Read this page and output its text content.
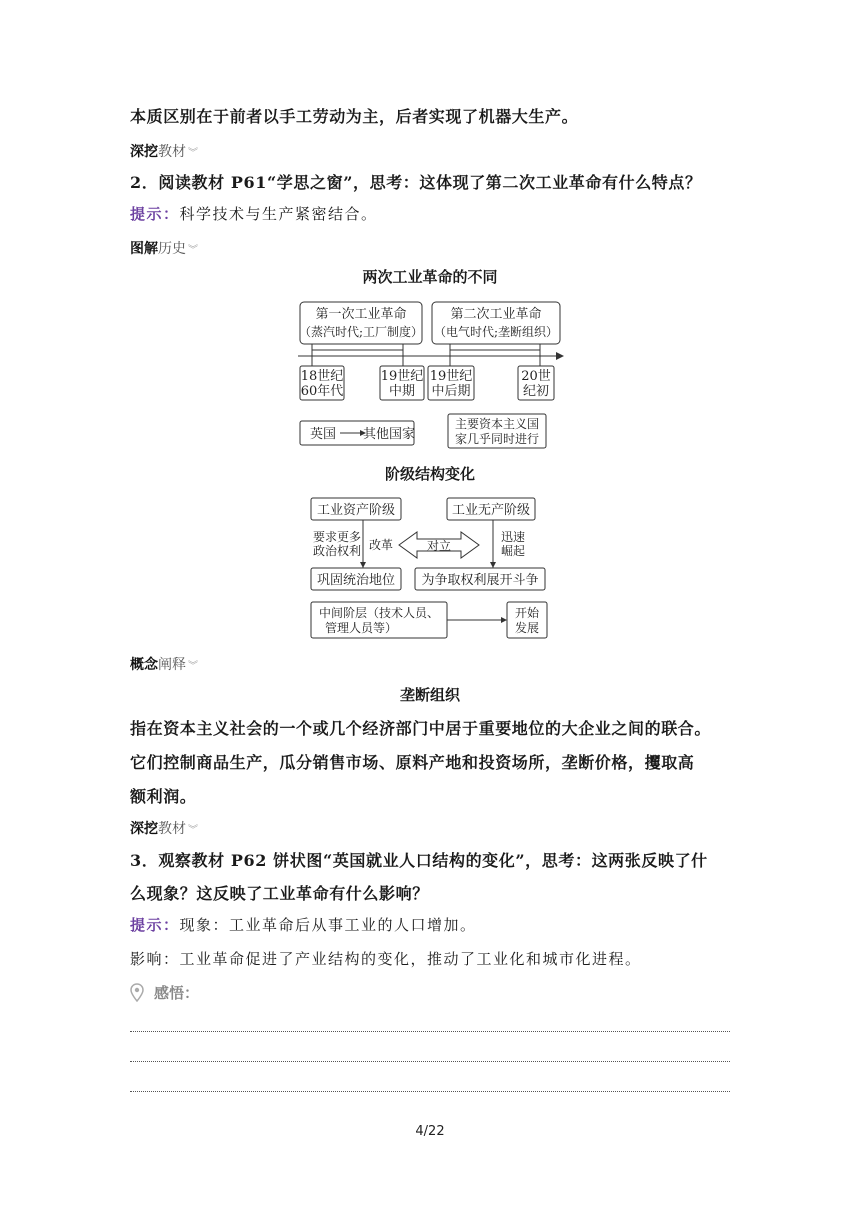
本质区别在于前者以手工劳动为主，后者实现了机器大生产。
深挖教材 ︾
2．阅读教材 P61“学思之窗”，思考：这体现了第二次工业革命有什么特点？
提示：科学技术与生产紧密结合。
图解历史 ︾
两次工业革命的不同
第一次工业革命
（蒸汽时代;工厂制度）
第二次工业革命
（电气时代;垄断组织）
18世纪
60年代
19世纪
中期
19世纪
中后期
20世
纪初
英国 其他国家
主要资本主义国
家几乎同时进行
阶级结构变化
工业资产阶级	工业无产阶级
要求更多
政治权利 改革	对立
迅速
崛起
巩固统治地位 为争取权利展开斗争
中间阶层（技术人员、
管理人员等）
开始
发展
概念阐释 ︾
垄断组织
指在资本主义社会的一个或几个经济部门中居于重要地位的大企业之间的联合。
它们控制商品生产，瓜分销售市场、原料产地和投资场所，垄断价格，攫取高
额利润。
深挖教材 ︾
3．观察教材 P62 饼状图“英国就业人口结构的变化”，思考：这两张反映了什
么现象？这反映了工业革命有什么影响？
提示：现象：工业革命后从事工业的人口增加。
影响：工业革命促进了产业结构的变化，推动了工业化和城市化进程。
感悟：
4/22
